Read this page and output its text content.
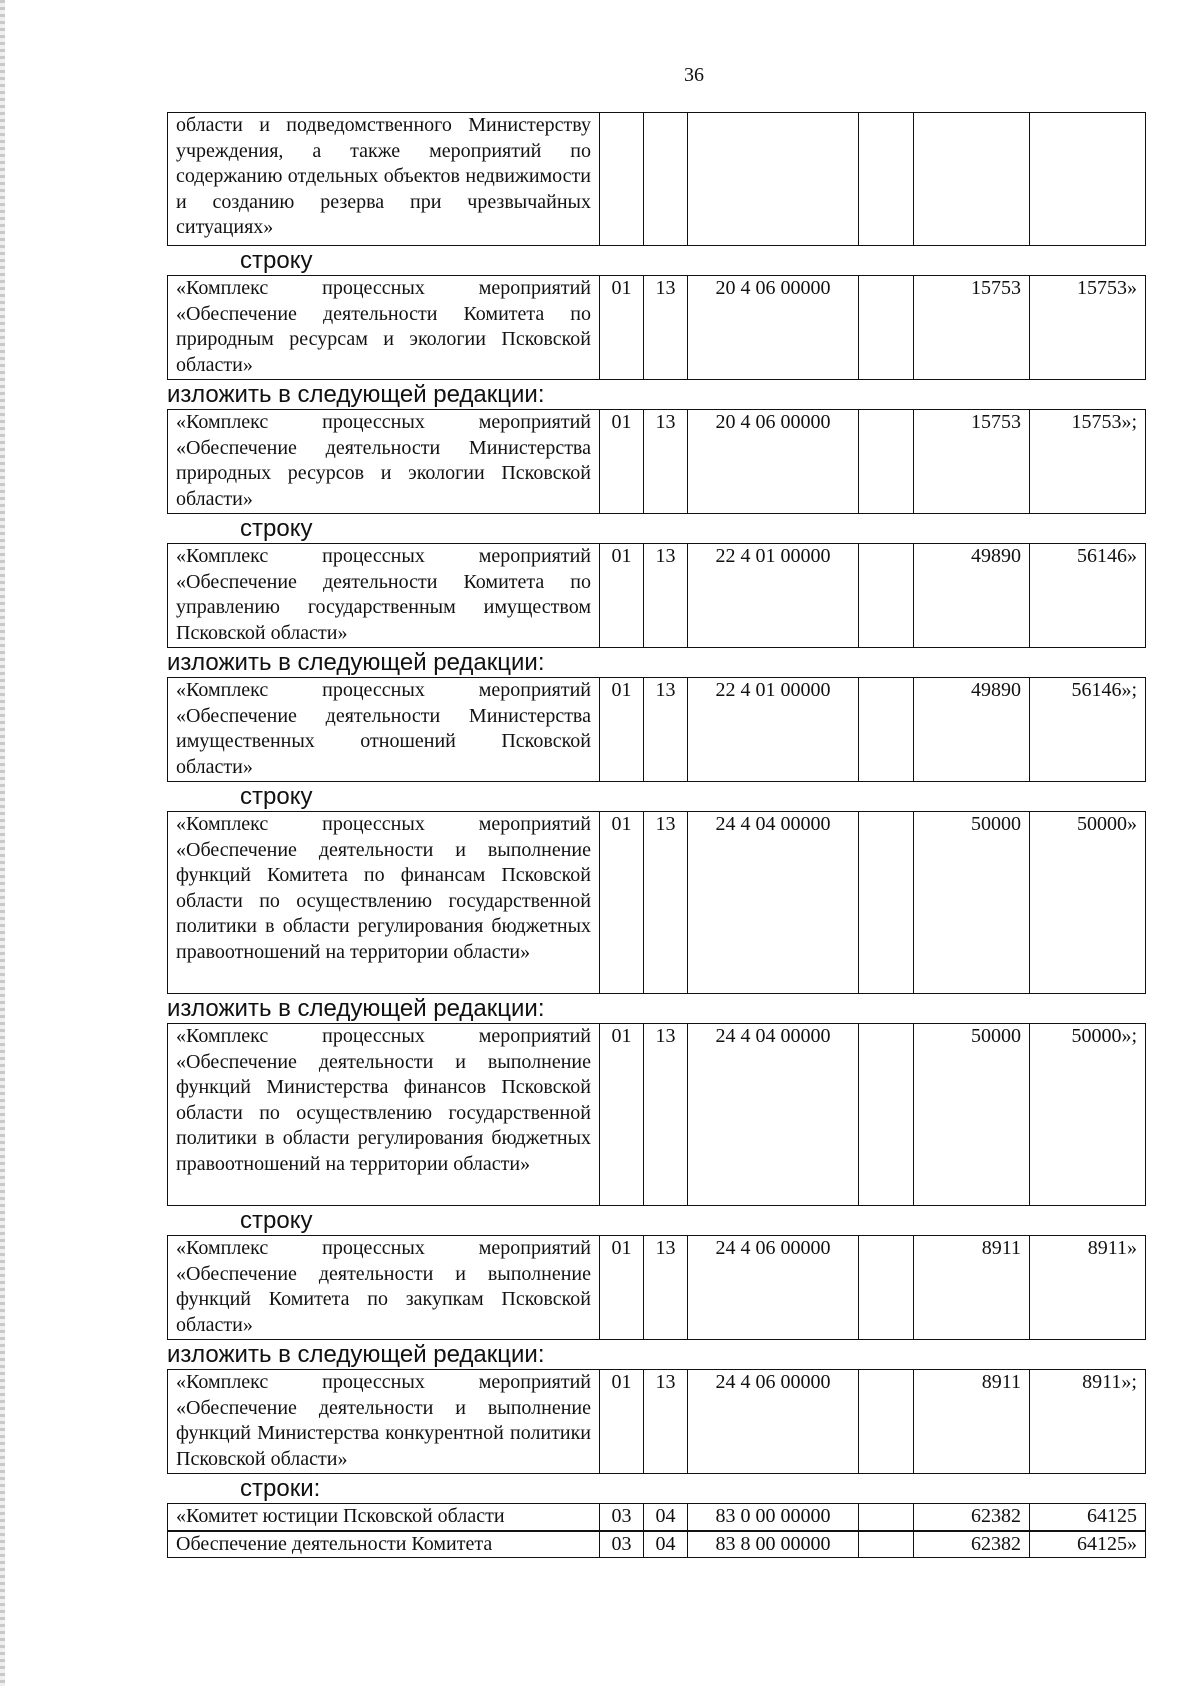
36
области и подведомственного Министерству учреждения, а также мероприятий по содержанию отдельных объектов недвижимости и созданию резерва при чрезвычайных ситуациях»						
строку
«Комплекс процессных мероприятий «Обеспечение деятельности Комитета по природным ресурсам и экологии Псковской области»	01	13	20 4 06 00000		15753	15753»
изложить в следующей редакции:
«Комплекс процессных мероприятий «Обеспечение деятельности Министерства природных ресурсов и экологии Псковской области»	01	13	20 4 06 00000		15753	15753»;
строку
«Комплекс процессных мероприятий «Обеспечение деятельности Комитета по управлению государственным имуществом Псковской области»	01	13	22 4 01 00000		49890	56146»
изложить в следующей редакции:
«Комплекс процессных мероприятий «Обеспечение деятельности Министерства имущественных отношений Псковской области»	01	13	22 4 01 00000		49890	56146»;
строку
«Комплекс процессных мероприятий «Обеспечение деятельности и выполнение функций Комитета по финансам Псковской области по осуществлению государственной политики в области регулирования бюджетных правоотношений на территории области»	01	13	24 4 04 00000		50000	50000»
изложить в следующей редакции:
«Комплекс процессных мероприятий «Обеспечение деятельности и выполнение функций Министерства финансов Псковской области по осуществлению государственной политики в области регулирования бюджетных правоотношений на территории области»	01	13	24 4 04 00000		50000	50000»;
строку
«Комплекс процессных мероприятий «Обеспечение деятельности и выполнение функций Комитета по закупкам Псковской области»	01	13	24 4 06 00000		8911	8911»
изложить в следующей редакции:
«Комплекс процессных мероприятий «Обеспечение деятельности и выполнение функций Министерства конкурентной политики Псковской области»	01	13	24 4 06 00000		8911	8911»;
строки:
«Комитет юстиции Псковской области	03	04	83 0 00 00000		62382	64125
Обеспечение деятельности Комитета	03	04	83 8 00 00000		62382	64125»
